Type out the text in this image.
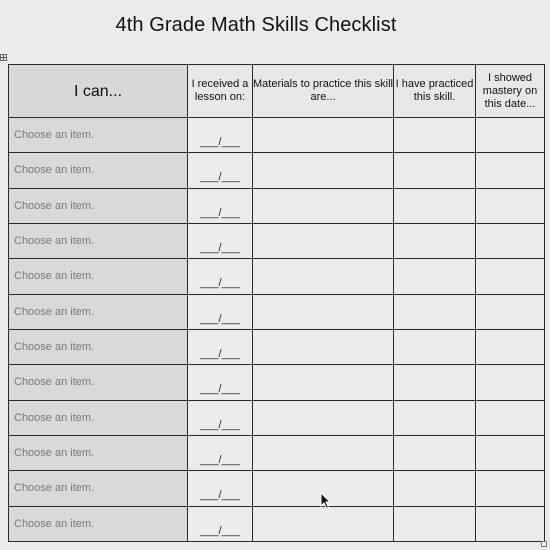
4th Grade Math Skills Checklist
I can...	I received a lesson on:	Materials to practice this skill are...	I have practiced this skill.	I showed mastery on this date...
Choose an item.	___/___			
Choose an item.	___/___			
Choose an item.	___/___			
Choose an item.	___/___			
Choose an item.	___/___			
Choose an item.	___/___			
Choose an item.	___/___			
Choose an item.	___/___			
Choose an item.	___/___			
Choose an item.	___/___			
Choose an item.	___/___			
Choose an item.	___/___			
